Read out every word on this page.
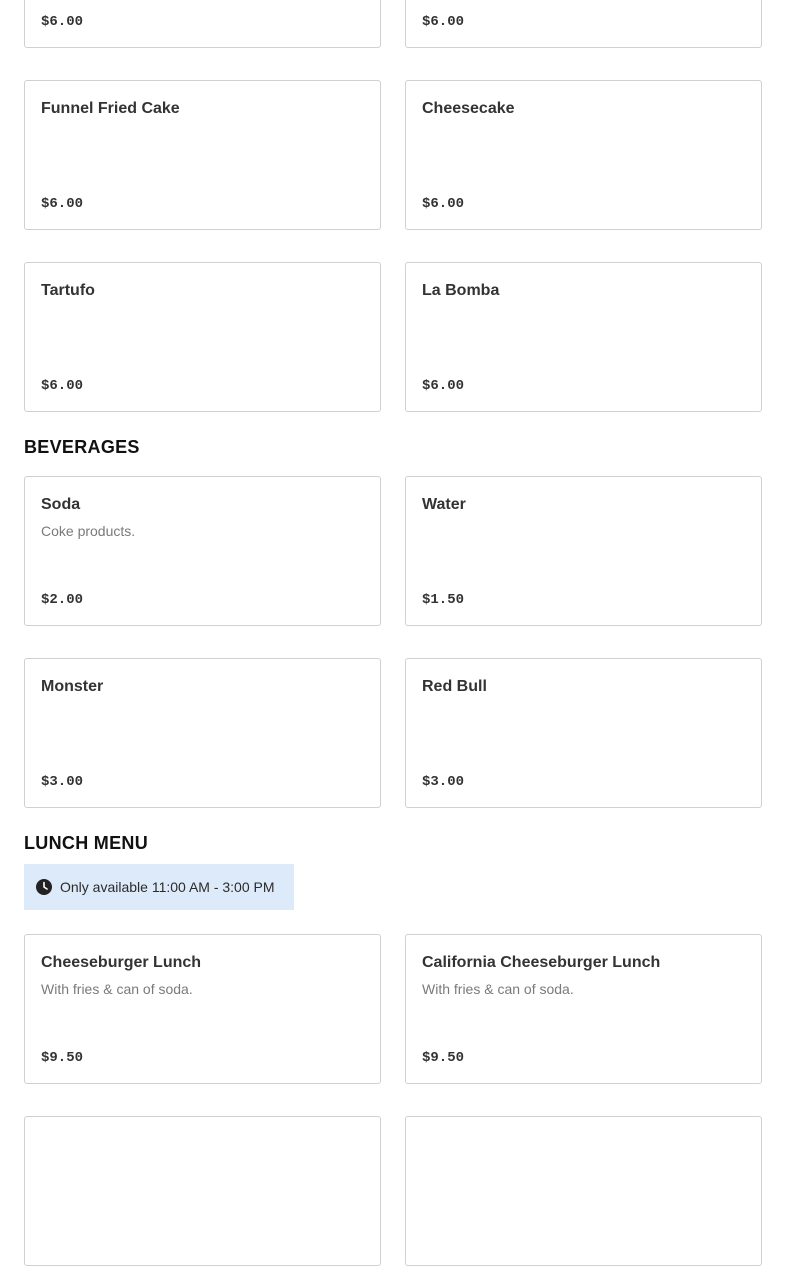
$6.00	$6.00
Funnel Fried Cake
$6.00
Cheesecake
$6.00
Tartufo
$6.00
La Bomba
$6.00
BEVERAGES
Soda
Coke products.
$2.00
Water
$1.50
Monster
$3.00
Red Bull
$3.00
LUNCH MENU
Only available 11:00 AM - 3:00 PM
Cheeseburger Lunch
With fries & can of soda.
$9.50
California Cheeseburger Lunch
With fries & can of soda.
$9.50
